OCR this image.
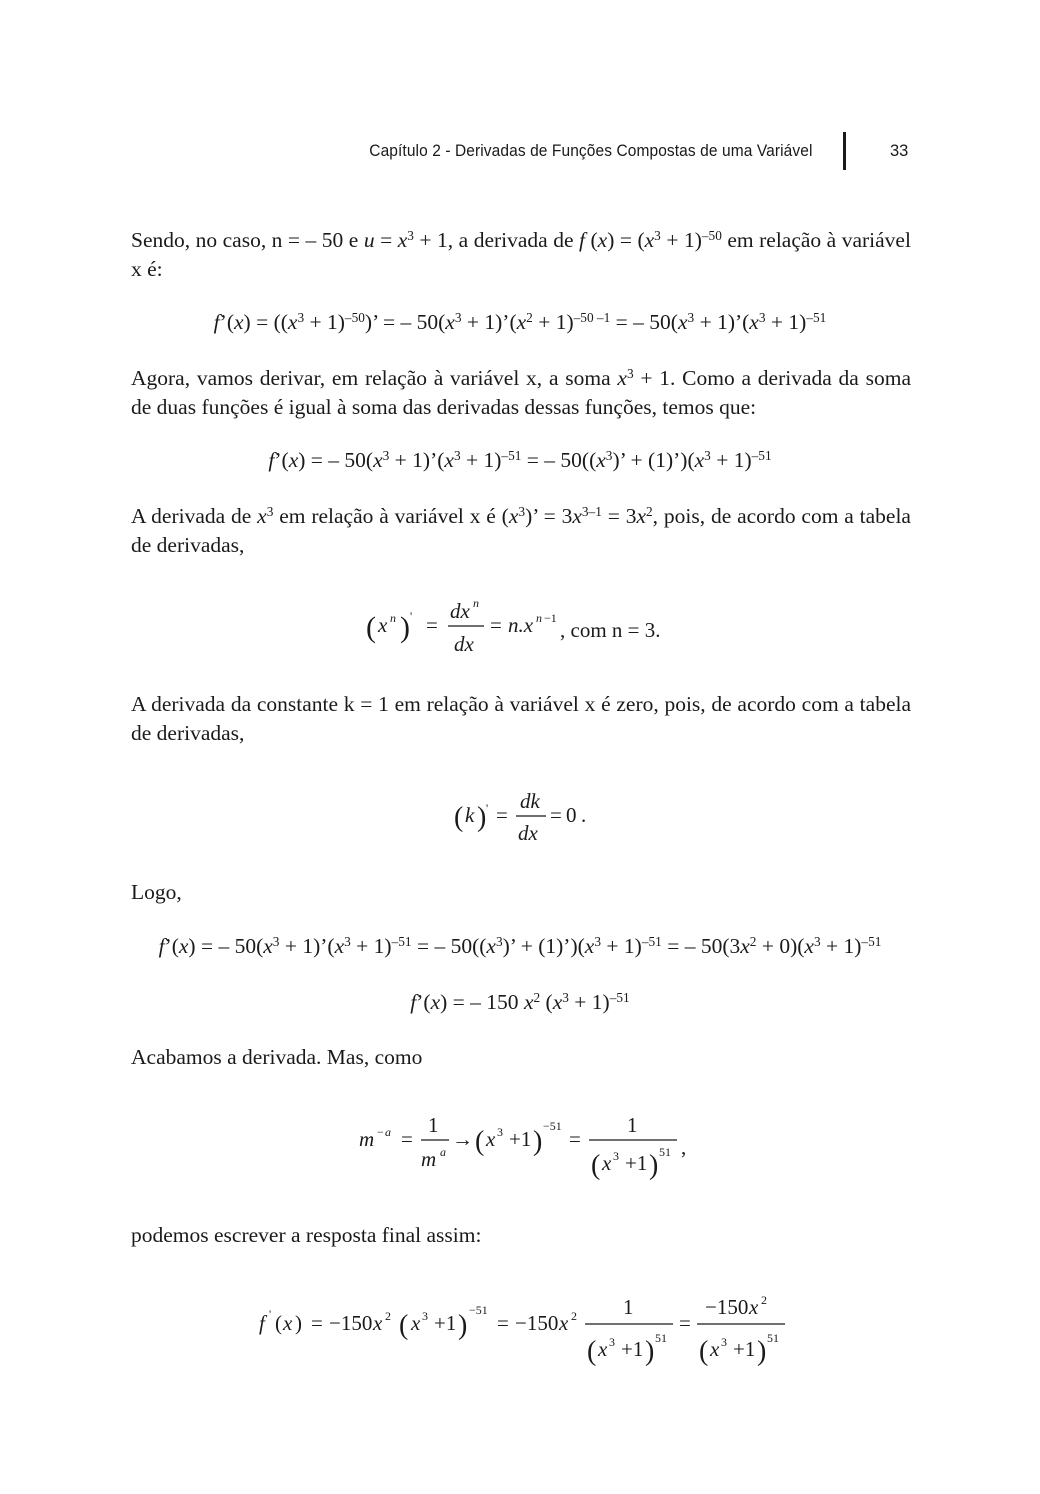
Capítulo 2 - Derivadas de Funções Compostas de uma Variável	33
Sendo, no caso, n = – 50 e $u = x^3 + 1$, a derivada de f $(x) = (x^3 + 1)^{-50}$ em relação à variável x é:
f’(x) = $((x^3 + 1)^{-50})$’ = – $50(x^3$ + $1)’(x^2 + 1)^{-50 -1}$ = – $50(x^3$ + $1)’(x^3 + 1)^{-51}$
Agora, vamos derivar, em relação à variável x, a soma $x^3 + 1$. Como a derivada da soma de duas funções é igual à soma das derivadas dessas funções, temos que:
f’(x) = – $50(x^3$ + $1)’(x^3 + 1)^{-51}$ = – $50((x^3)$’ + $(1)’)(x^3 + 1)^{-51}$
A derivada de $x^3$ em relação à variável x é $(x^3)$’ = $3x^{3-1} = 3x^2$, pois, de acordo com a tabela de derivadas,
( x n ) ' =
dx n
dx
= n.x n −1 , com n = 3.
A derivada da constante k = 1 em relação à variável x é zero, pois, de acordo com a tabela de derivadas,
( k ) ' =
dk
dx
= 0 .
Logo,
f’(x) = – $50(x^3$ + $1)’(x^3 + 1)^{-51}$ = – $50((x^3)$’ + $(1)’)(x^3 + 1)^{-51}$ = – $50(3x^2 + 0)(x^3 + 1)^{-51}$
f’(x) = – 150 $x^2$ $(x^3 + 1)^{-51}$
Acabamos a derivada. Mas, como
m − a =
1
m a
→ ( x 3 +1 ) −51
=
1
( x 3 +1 ) 51 ,
podemos escrever a resposta final assim:
f ' ( x ) = −150 x 2 ( x 3 +1 ) −51
= −150 x 2 1
( x 3 +1 ) 51
=
−150 x 2
( x 3 +1 ) 51
